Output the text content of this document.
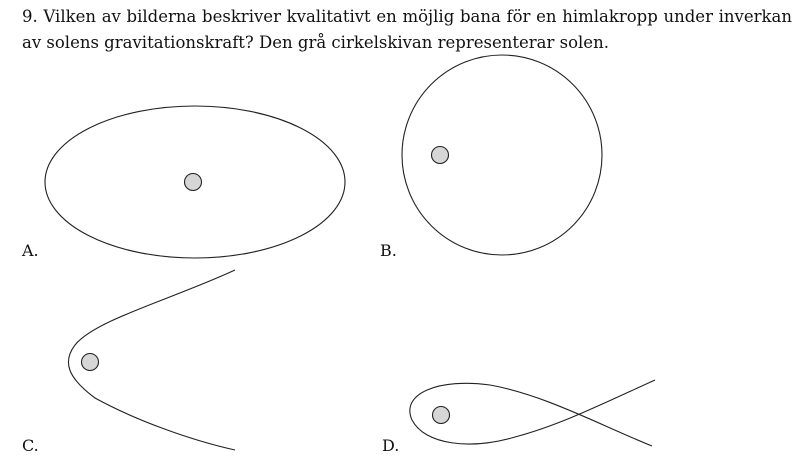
9. Vilken av bilderna beskriver kvalitativt en möjlig bana för en himlakropp under inverkan av solens gravitationskraft? Den grå cirkelskivan representerar solen.

A.	B.
C.	D.
